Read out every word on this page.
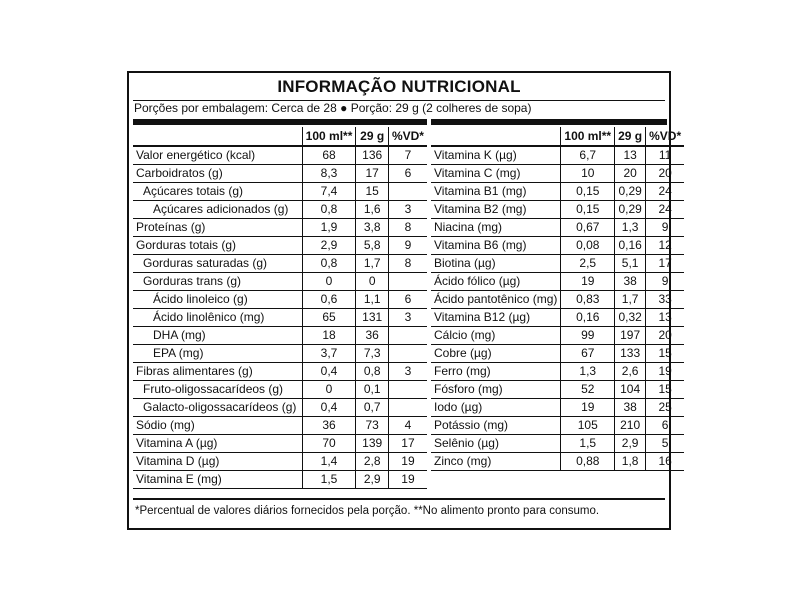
INFORMAÇÃO NUTRICIONAL
Porções por embalagem: Cerca de 28 ● Porção: 29 g (2 colheres de sopa)
	100 ml**	29 g	%VD*
Valor energético (kcal)	68	136	7
Carboidratos (g)	8,3	17	6
Açúcares totais (g)	7,4	15	
Açúcares adicionados (g)	0,8	1,6	3
Proteínas (g)	1,9	3,8	8
Gorduras totais (g)	2,9	5,8	9
Gorduras saturadas (g)	0,8	1,7	8
Gorduras trans (g)	0	0	
Ácido linoleico (g)	0,6	1,1	6
Ácido linolênico (mg)	65	131	3
DHA (mg)	18	36	
EPA (mg)	3,7	7,3	
Fibras alimentares (g)	0,4	0,8	3
Fruto-oligossacarídeos (g)	0	0,1	
Galacto-oligossacarídeos (g)	0,4	0,7	
Sódio (mg)	36	73	4
Vitamina A (µg)	70	139	17
Vitamina D (µg)	1,4	2,8	19
Vitamina E (mg)	1,5	2,9	19
	100 ml**	29 g	%VD*
Vitamina K (µg)	6,7	13	11
Vitamina C (mg)	10	20	20
Vitamina B1 (mg)	0,15	0,29	24
Vitamina B2 (mg)	0,15	0,29	24
Niacina (mg)	0,67	1,3	9
Vitamina B6 (mg)	0,08	0,16	12
Biotina (µg)	2,5	5,1	17
Ácido fólico (µg)	19	38	9
Ácido pantotênico (mg)	0,83	1,7	33
Vitamina B12 (µg)	0,16	0,32	13
Cálcio (mg)	99	197	20
Cobre (µg)	67	133	15
Ferro (mg)	1,3	2,6	19
Fósforo (mg)	52	104	15
Iodo (µg)	19	38	25
Potássio (mg)	105	210	6
Selênio (µg)	1,5	2,9	5
Zinco (mg)	0,88	1,8	16
*Percentual de valores diários fornecidos pela porção. **No alimento pronto para consumo.
